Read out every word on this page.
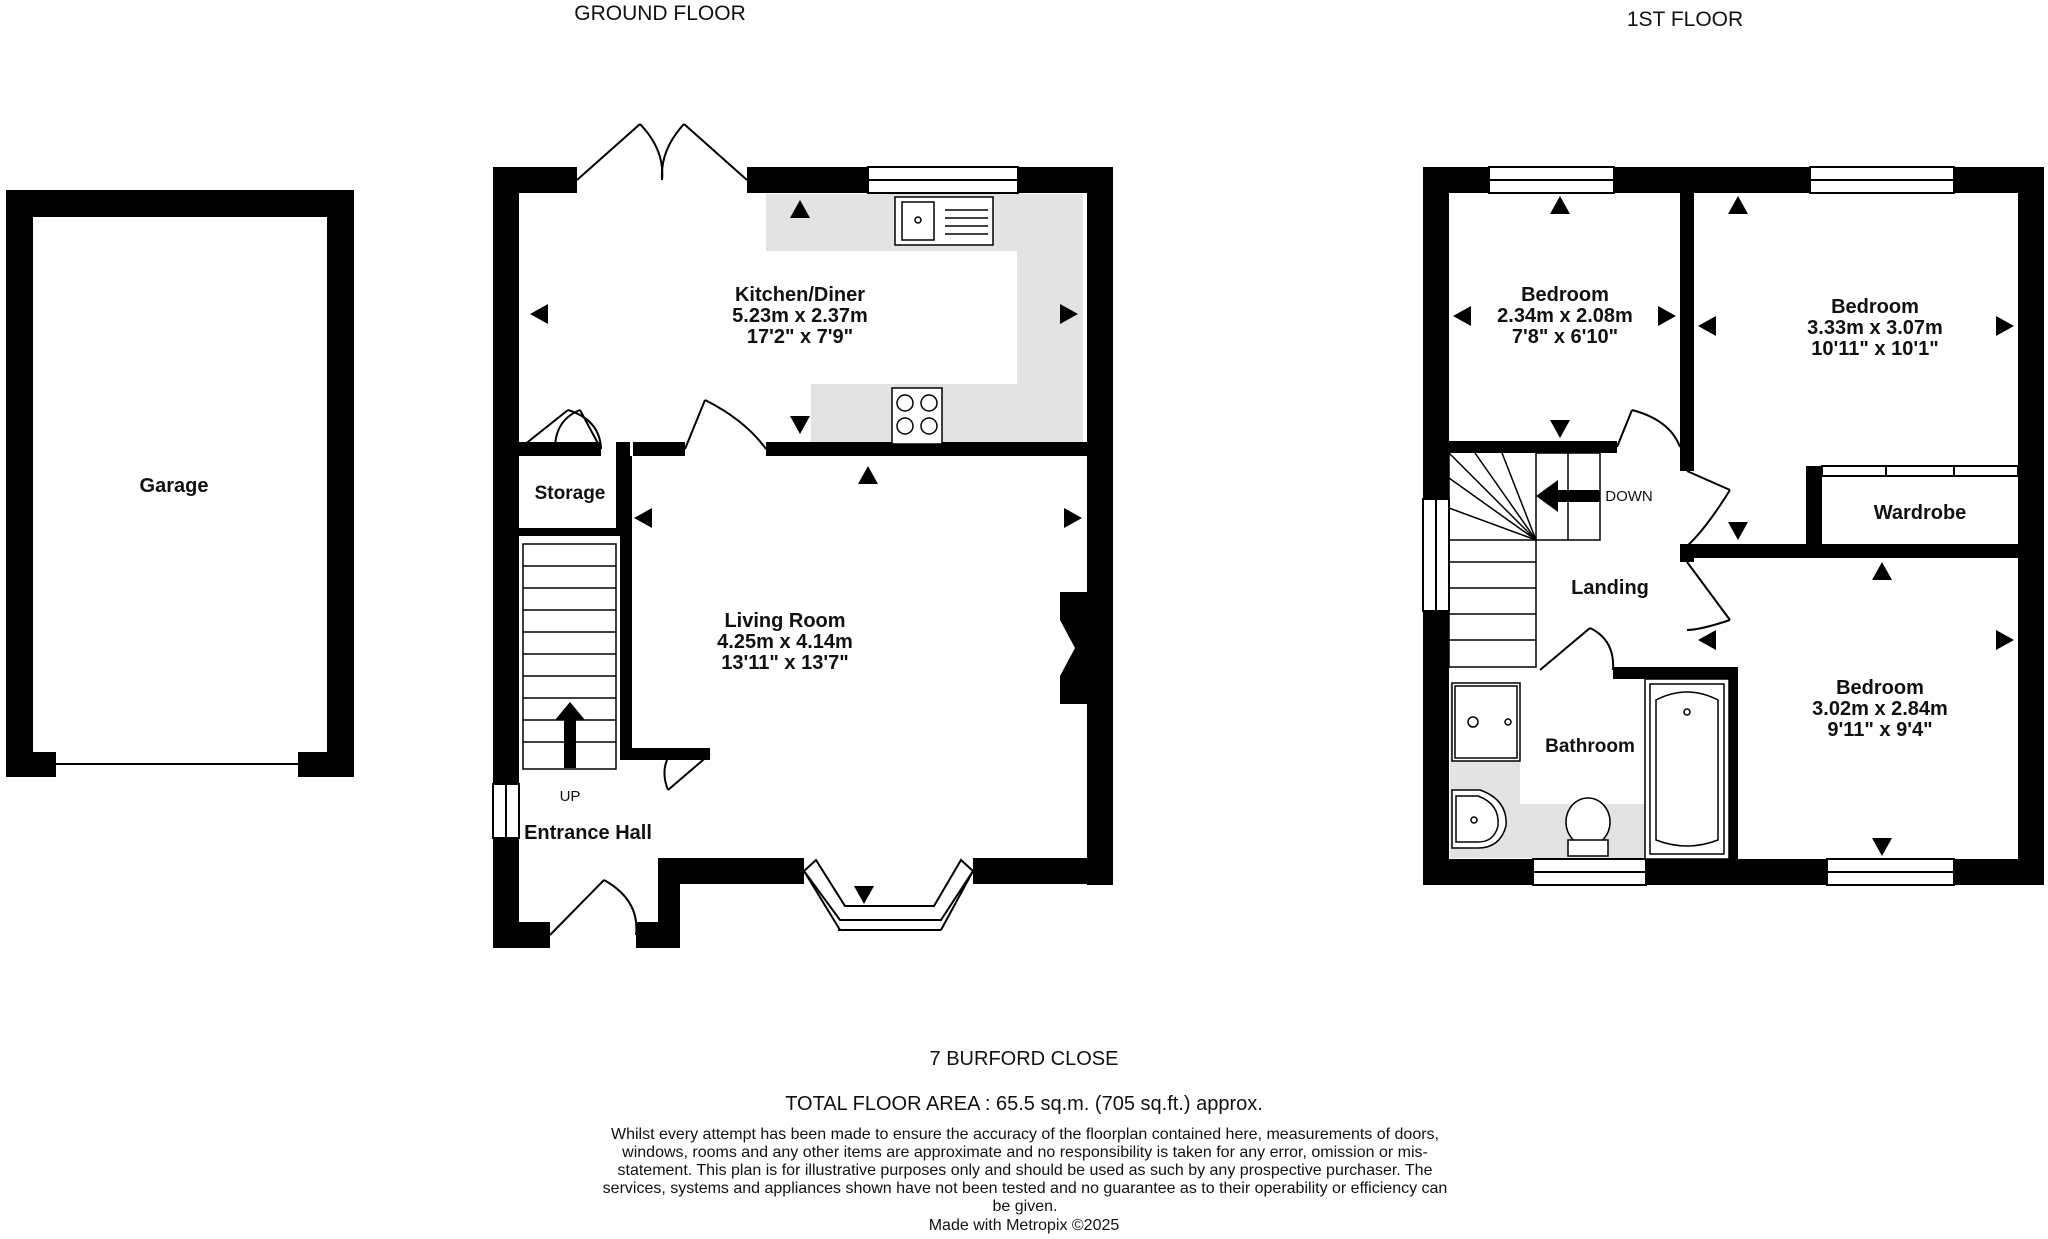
GROUND FLOOR	1ST FLOOR
Garage
Kitchen/Diner
5.23m x 2.37m
17'2" x 7'9"
Storage
Living Room
4.25m x 4.14m
13'11" x 13'7"
UP
Entrance Hall
Bedroom
2.34m x 2.08m
7'8" x 6'10"
Bedroom
3.33m x 3.07m
10'11" x 10'1"
Wardrobe
DOWN
Landing
Bathroom
Bedroom
3.02m x 2.84m
9'11" x 9'4"
7 BURFORD CLOSE
TOTAL FLOOR AREA : 65.5 sq.m. (705 sq.ft.) approx.
Whilst every attempt has been made to ensure the accuracy of the floorplan contained here, measurements of doors, windows, rooms and any other items are approximate and no responsibility is taken for any error, omission or mis-statement. This plan is for illustrative purposes only and should be used as such by any prospective purchaser. The services, systems and appliances shown have not been tested and no guarantee as to their operability or efficiency can be given.
Made with Metropix ©2025
